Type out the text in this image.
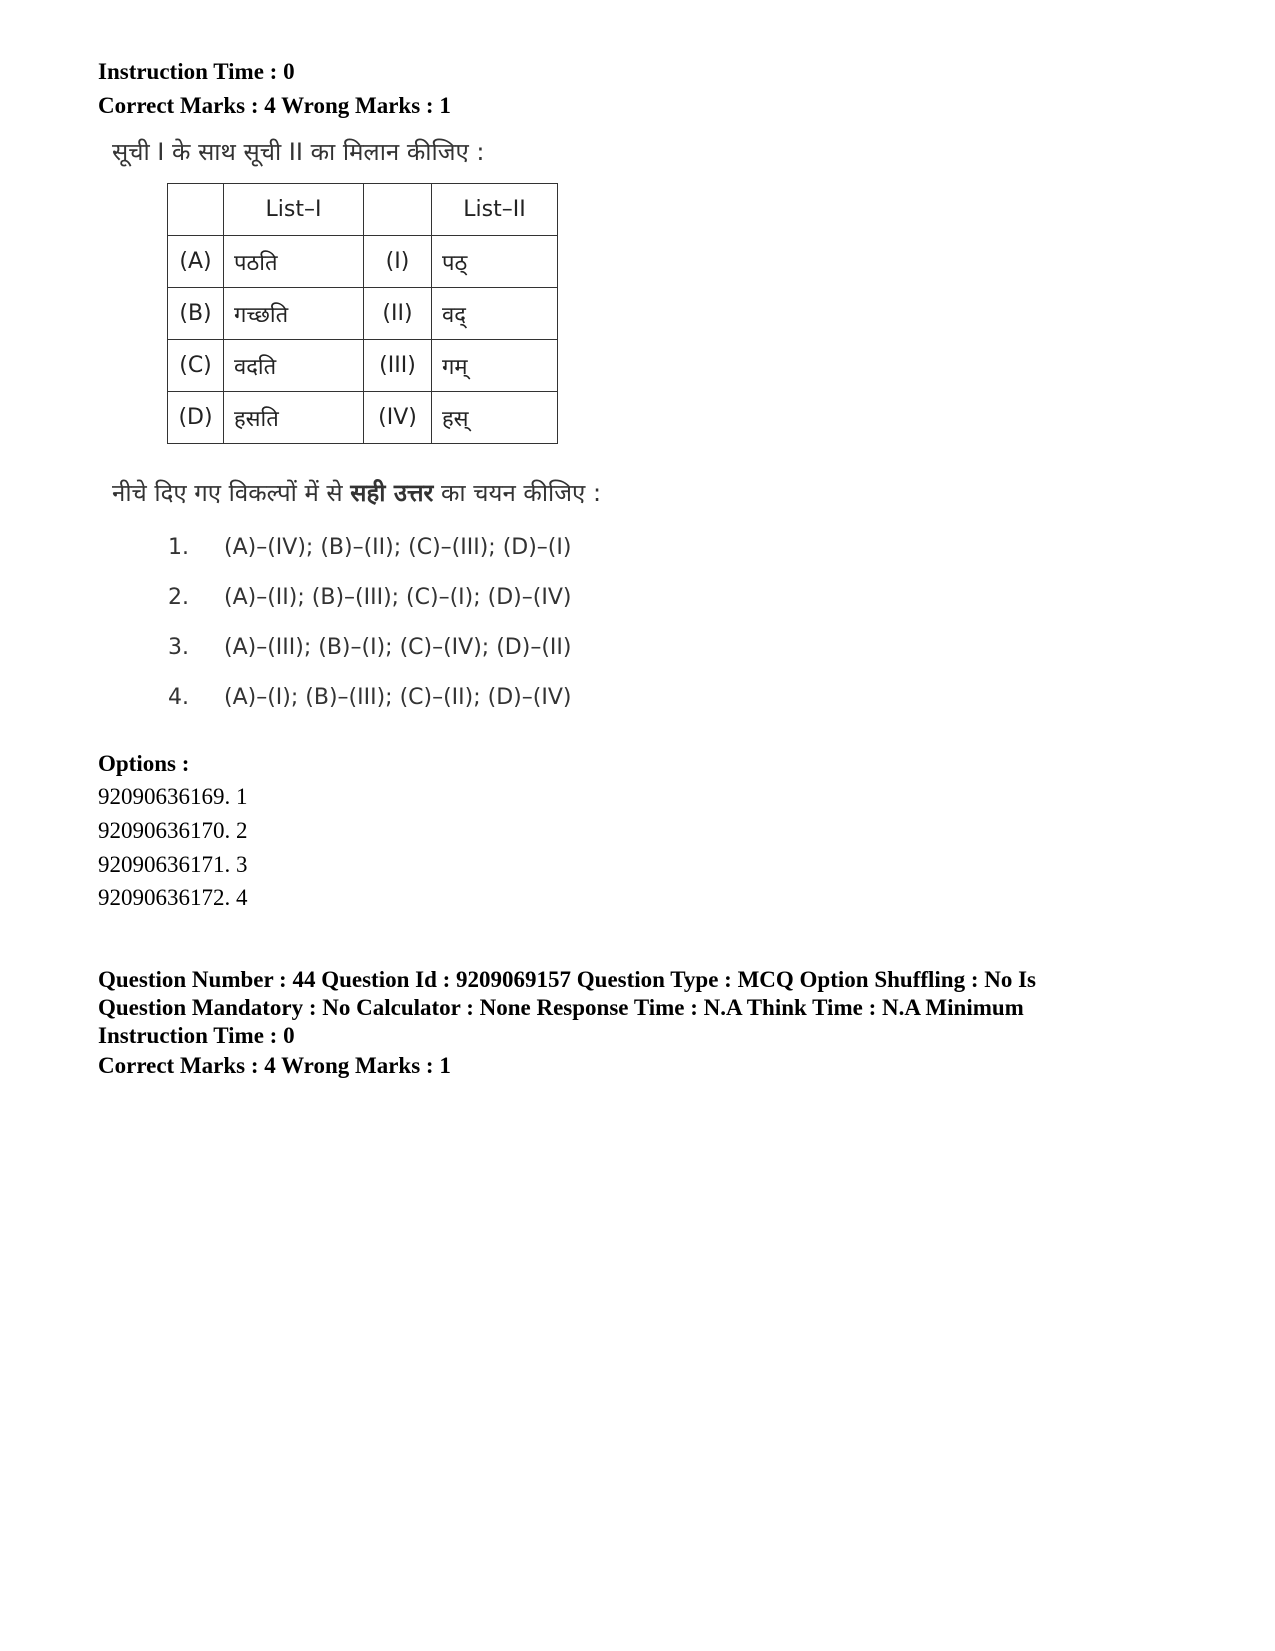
Instruction Time : 0
Correct Marks : 4 Wrong Marks : 1
सूची I के साथ सूची II का मिलान कीजिए :
	List–I		List–II
(A)	पठति	(I)	पठ्
(B)	गच्छति	(II)	वद्
(C)	वदति	(III)	गम्
(D)	हसति	(IV)	हस्
नीचे दिए गए विकल्पों में से सही उत्तर का चयन कीजिए :
1. (A)–(IV); (B)–(II); (C)–(III); (D)–(I)
2. (A)–(II); (B)–(III); (C)–(I); (D)–(IV)
3. (A)–(III); (B)–(I); (C)–(IV); (D)–(II)
4. (A)–(I); (B)–(III); (C)–(II); (D)–(IV)
Options :
92090636169. 1
92090636170. 2
92090636171. 3
92090636172. 4
Question Number : 44 Question Id : 9209069157 Question Type : MCQ Option Shuffling : No Is
Question Mandatory : No Calculator : None Response Time : N.A Think Time : N.A Minimum
Instruction Time : 0
Correct Marks : 4 Wrong Marks : 1
